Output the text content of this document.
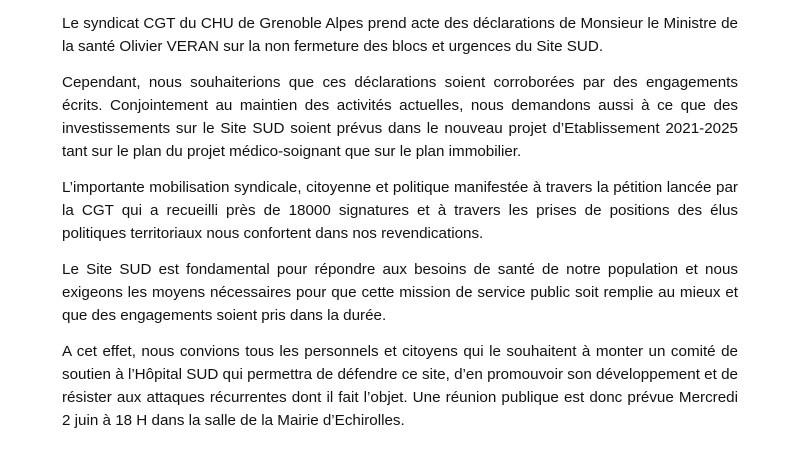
Le syndicat CGT du CHU de Grenoble Alpes prend acte des déclarations de Monsieur le Ministre de la santé Olivier VERAN sur la non fermeture des blocs et urgences du Site SUD.

Cependant, nous souhaiterions que ces déclarations soient corroborées par des engagements écrits. Conjointement au maintien des activités actuelles, nous demandons aussi à ce que des investissements sur le Site SUD soient prévus dans le nouveau projet d’Etablissement 2021-2025 tant sur le plan du projet médico-soignant que sur le plan immobilier.

L’importante mobilisation syndicale, citoyenne et politique manifestée à travers la pétition lancée par la CGT qui a recueilli près de 18000 signatures et à travers les prises de positions des élus politiques territoriaux nous confortent dans nos revendications.

Le Site SUD est fondamental pour répondre aux besoins de santé de notre population et nous exigeons les moyens nécessaires pour que cette mission de service public soit remplie au mieux et que des engagements soient pris dans la durée.

A cet effet, nous convions tous les personnels et citoyens qui le souhaitent à monter un comité de soutien à l’Hôpital SUD qui permettra de défendre ce site, d’en promouvoir son développement et de résister aux attaques récurrentes dont il fait l’objet. Une réunion publique est donc prévue Mercredi 2 juin à 18 H dans la salle de la Mairie d’Echirolles.
